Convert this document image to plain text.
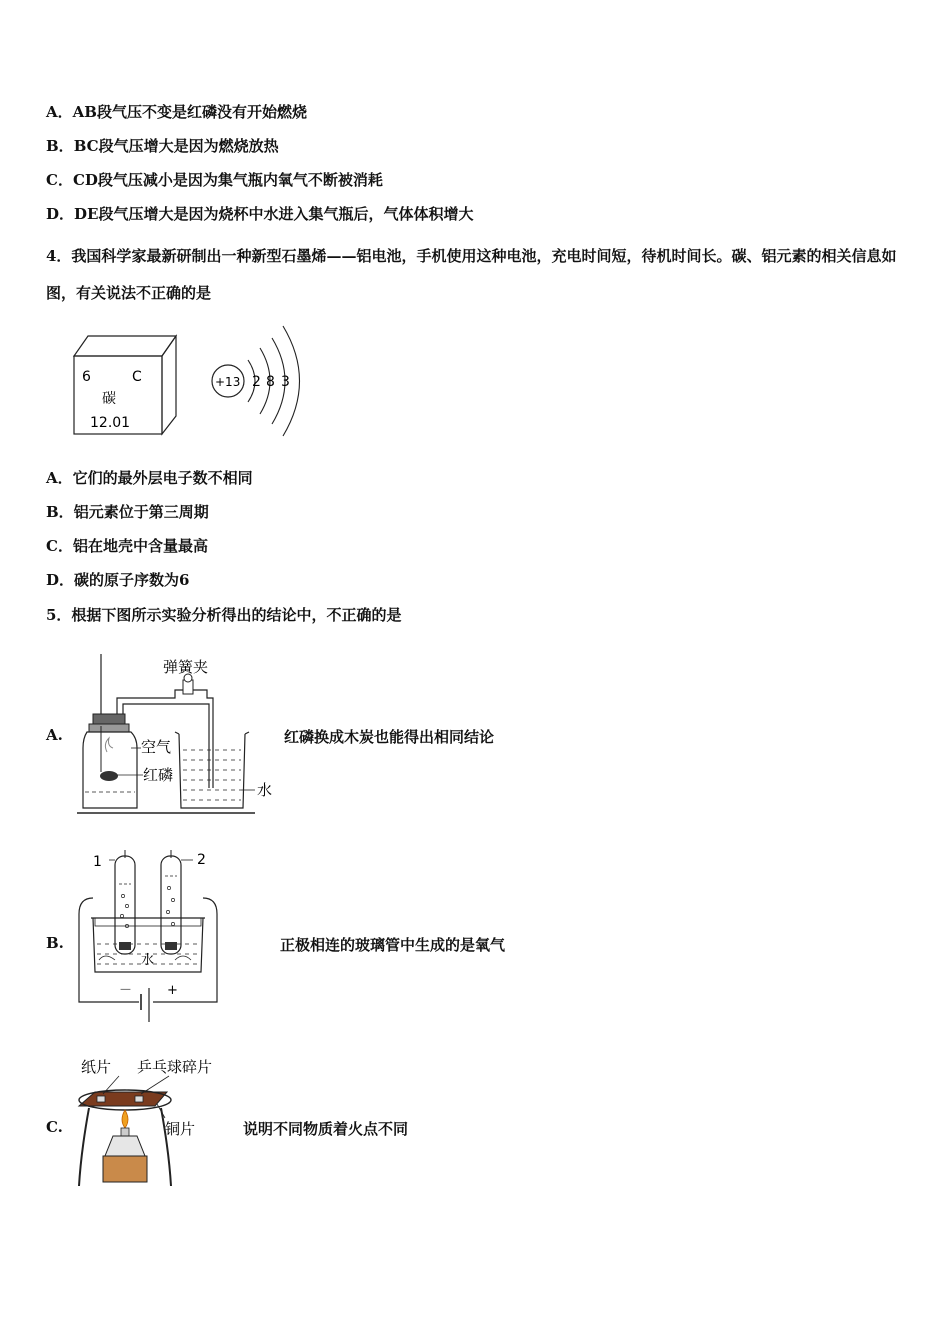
A．AB段气压不变是红磷没有开始燃烧
B．BC段气压增大是因为燃烧放热
C．CD段气压减小是因为集气瓶内氧气不断被消耗
D．DE段气压增大是因为烧杯中水进入集气瓶后，气体体积增大
4．我国科学家最新研制出一种新型石墨烯——铝电池，手机使用这种电池，充电时间短，待机时间长。碳、铝元素的相关信息如图，有关说法不正确的是
6	C
碳
12.01
+13 2 8 3
A．它们的最外层电子数不相同
B．铝元素位于第三周期
C．铝在地壳中含量最高
D．碳的原子序数为6
5．根据下图所示实验分析得出的结论中，不正确的是
A.
弹簧夹
空气
红磷
水
红磷换成木炭也能得出相同结论
B.
1	2
水
－	+
正极相连的玻璃管中生成的是氧气
C.
纸片 乒乓球碎片
铜片	说明不同物质着火点不同
